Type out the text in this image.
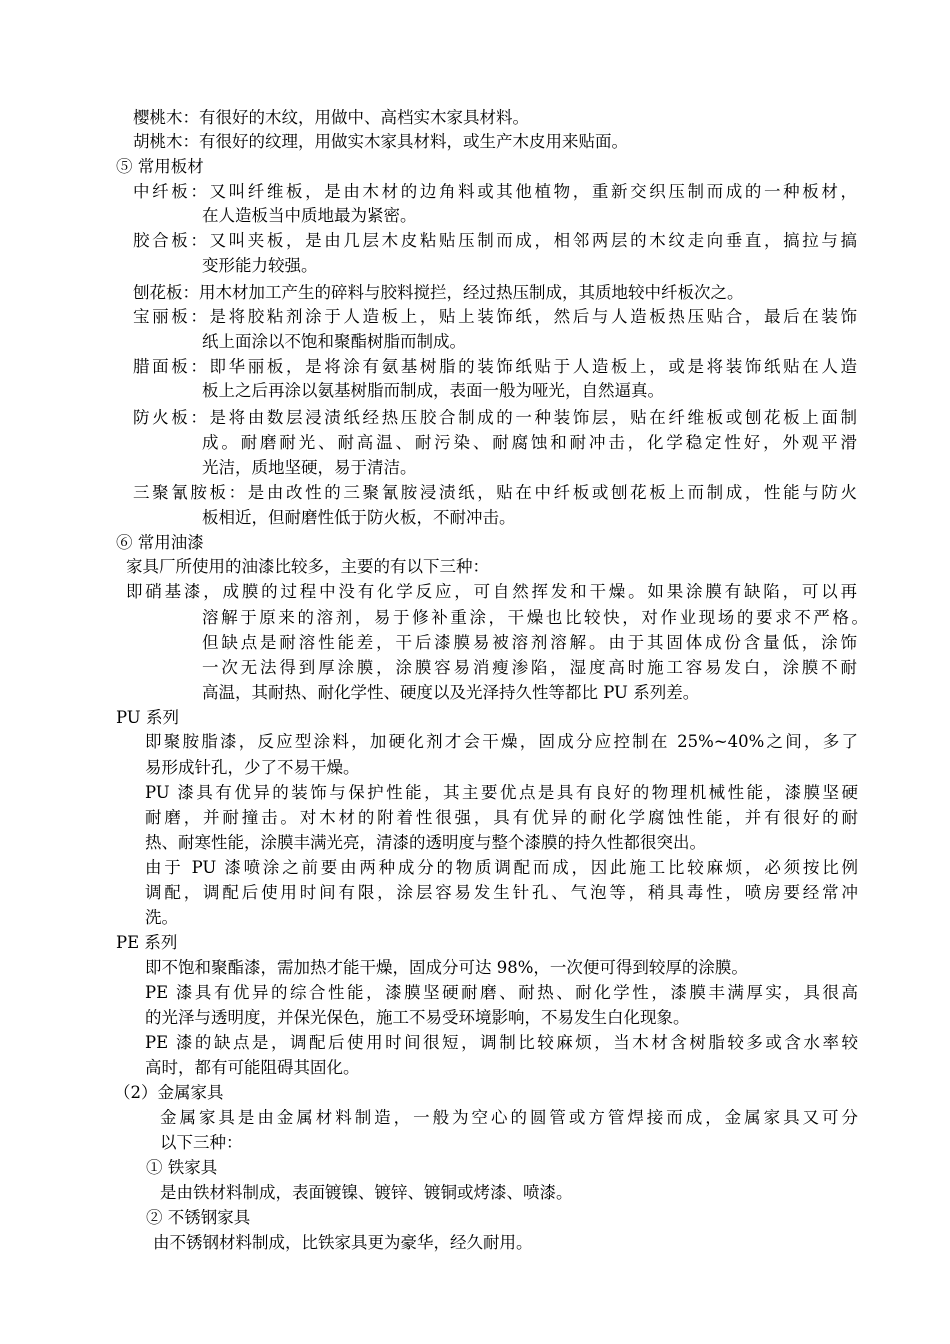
樱桃木：有很好的木纹，用做中、高档实木家具材料。
胡桃木：有很好的纹理，用做实木家具材料，或生产木皮用来贴面。
⑤ 常用板材
中纤板：又叫纤维板，是由木材的边角料或其他植物，重新交织压制而成的一种板材，
在人造板当中质地最为紧密。
胶合板：又叫夹板，是由几层木皮粘贴压制而成，相邻两层的木纹走向垂直，搞拉与搞
变形能力较强。
刨花板：用木材加工产生的碎料与胶料搅拦，经过热压制成，其质地较中纤板次之。
宝丽板：是将胶粘剂涂于人造板上，贴上装饰纸，然后与人造板热压贴合，最后在装饰
纸上面涂以不饱和聚酯树脂而制成。
腊面板：即华丽板，是将涂有氨基树脂的装饰纸贴于人造板上，或是将装饰纸贴在人造
板上之后再涂以氨基树脂而制成，表面一般为哑光，自然逼真。
防火板：是将由数层浸渍纸经热压胶合制成的一种装饰层，贴在纤维板或刨花板上面制
成。耐磨耐光、耐高温、耐污染、耐腐蚀和耐冲击，化学稳定性好，外观平滑
光洁，质地坚硬，易于清洁。
三聚氰胺板：是由改性的三聚氰胺浸渍纸，贴在中纤板或刨花板上而制成，性能与防火
板相近，但耐磨性低于防火板，不耐冲击。
⑥ 常用油漆
家具厂所使用的油漆比较多，主要的有以下三种：
即硝基漆，成膜的过程中没有化学反应，可自然挥发和干燥。如果涂膜有缺陷，可以再
溶解于原来的溶剂，易于修补重涂，干燥也比较快，对作业现场的要求不严格。
但缺点是耐溶性能差，干后漆膜易被溶剂溶解。由于其固体成份含量低，涂饰
一次无法得到厚涂膜，涂膜容易消瘦渗陷，湿度高时施工容易发白，涂膜不耐
高温，其耐热、耐化学性、硬度以及光泽持久性等都比 PU 系列差。
PU 系列
即聚胺脂漆，反应型涂料，加硬化剂才会干燥，固成分应控制在 25%~40%之间，多了
易形成针孔，少了不易干燥。
PU 漆具有优异的装饰与保护性能，其主要优点是具有良好的物理机械性能，漆膜坚硬
耐磨，并耐撞击。对木材的附着性很强，具有优异的耐化学腐蚀性能，并有很好的耐
热、耐寒性能，涂膜丰满光亮，清漆的透明度与整个漆膜的持久性都很突出。
由于 PU 漆喷涂之前要由两种成分的物质调配而成，因此施工比较麻烦，必须按比例
调配，调配后使用时间有限，涂层容易发生针孔、气泡等，稍具毒性，喷房要经常冲
洗。
PE 系列
即不饱和聚酯漆，需加热才能干燥，固成分可达 98%，一次便可得到较厚的涂膜。
PE 漆具有优异的综合性能，漆膜坚硬耐磨、耐热、耐化学性，漆膜丰满厚实，具很高
的光泽与透明度，并保光保色，施工不易受环境影响，不易发生白化现象。
PE 漆的缺点是，调配后使用时间很短，调制比较麻烦，当木材含树脂较多或含水率较
高时，都有可能阻碍其固化。
（2）金属家具
金属家具是由金属材料制造，一般为空心的圆管或方管焊接而成，金属家具又可分
以下三种：
① 铁家具
是由铁材料制成，表面镀镍、镀锌、镀铜或烤漆、喷漆。
② 不锈钢家具
由不锈钢材料制成，比铁家具更为豪华，经久耐用。
